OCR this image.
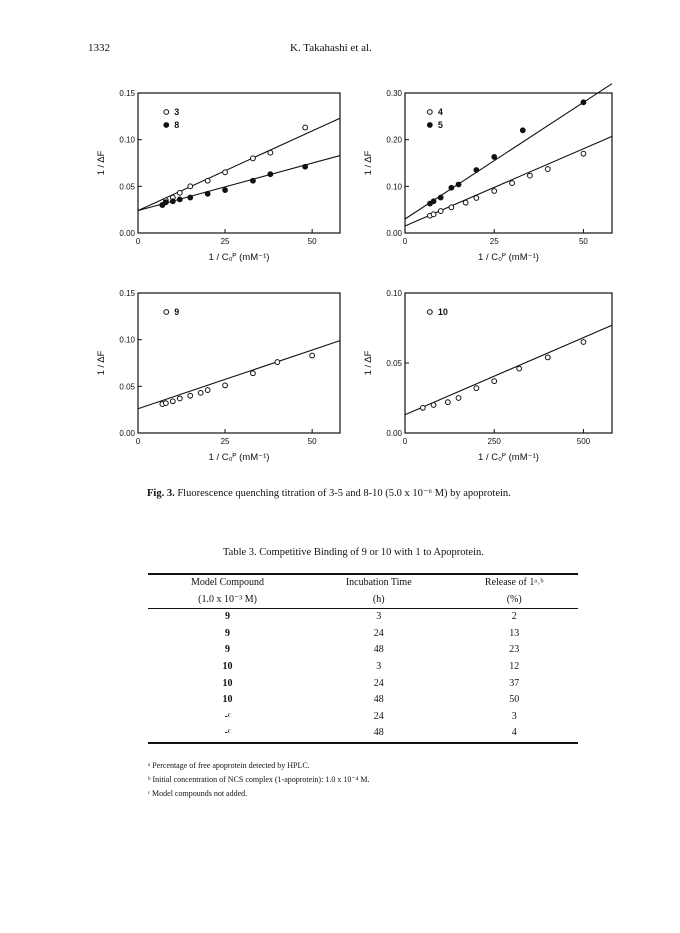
1332	K. Takahashi et al.
0	25	50
0.00
0.05
0.10
0.15
1 / C₀ᴾ (mM⁻¹)
1 / ΔF
3
8
0	25	50
0.00
0.10
0.20
0.30
1 / C₀ᴾ (mM⁻¹)
1 / ΔF
4
5
0	25	50
0.00
0.05
0.10
0.15
1 / C₀ᴾ (mM⁻¹)
1 / ΔF
9
0	250	500
0.00
0.05
0.10
1 / C₀ᴾ (mM⁻¹)
1 / ΔF
10
Fig. 3. Fluorescence quenching titration of 3-5 and 8-10 (5.0 x 10⁻⁶ M) by apoprotein.
Table 3. Competitive Binding of 9 or 10 with 1 to Apoprotein.
Model Compound	Incubation Time	Release of 1ᵃ˒ᵇ
(1.0 x 10⁻³ M)	(h)	(%)
9	3	2
9	24	13
9	48	23
10	3	12
10	24	37
10	48	50
-ᶜ	24	3
-ᶜ	48	4
ᵃ Percentage of free apoprotein detected by HPLC.
ᵇ Initial concentration of NCS complex (1-apoprotein): 1.0 x 10⁻⁴ M.
ᶜ Model compounds not added.
